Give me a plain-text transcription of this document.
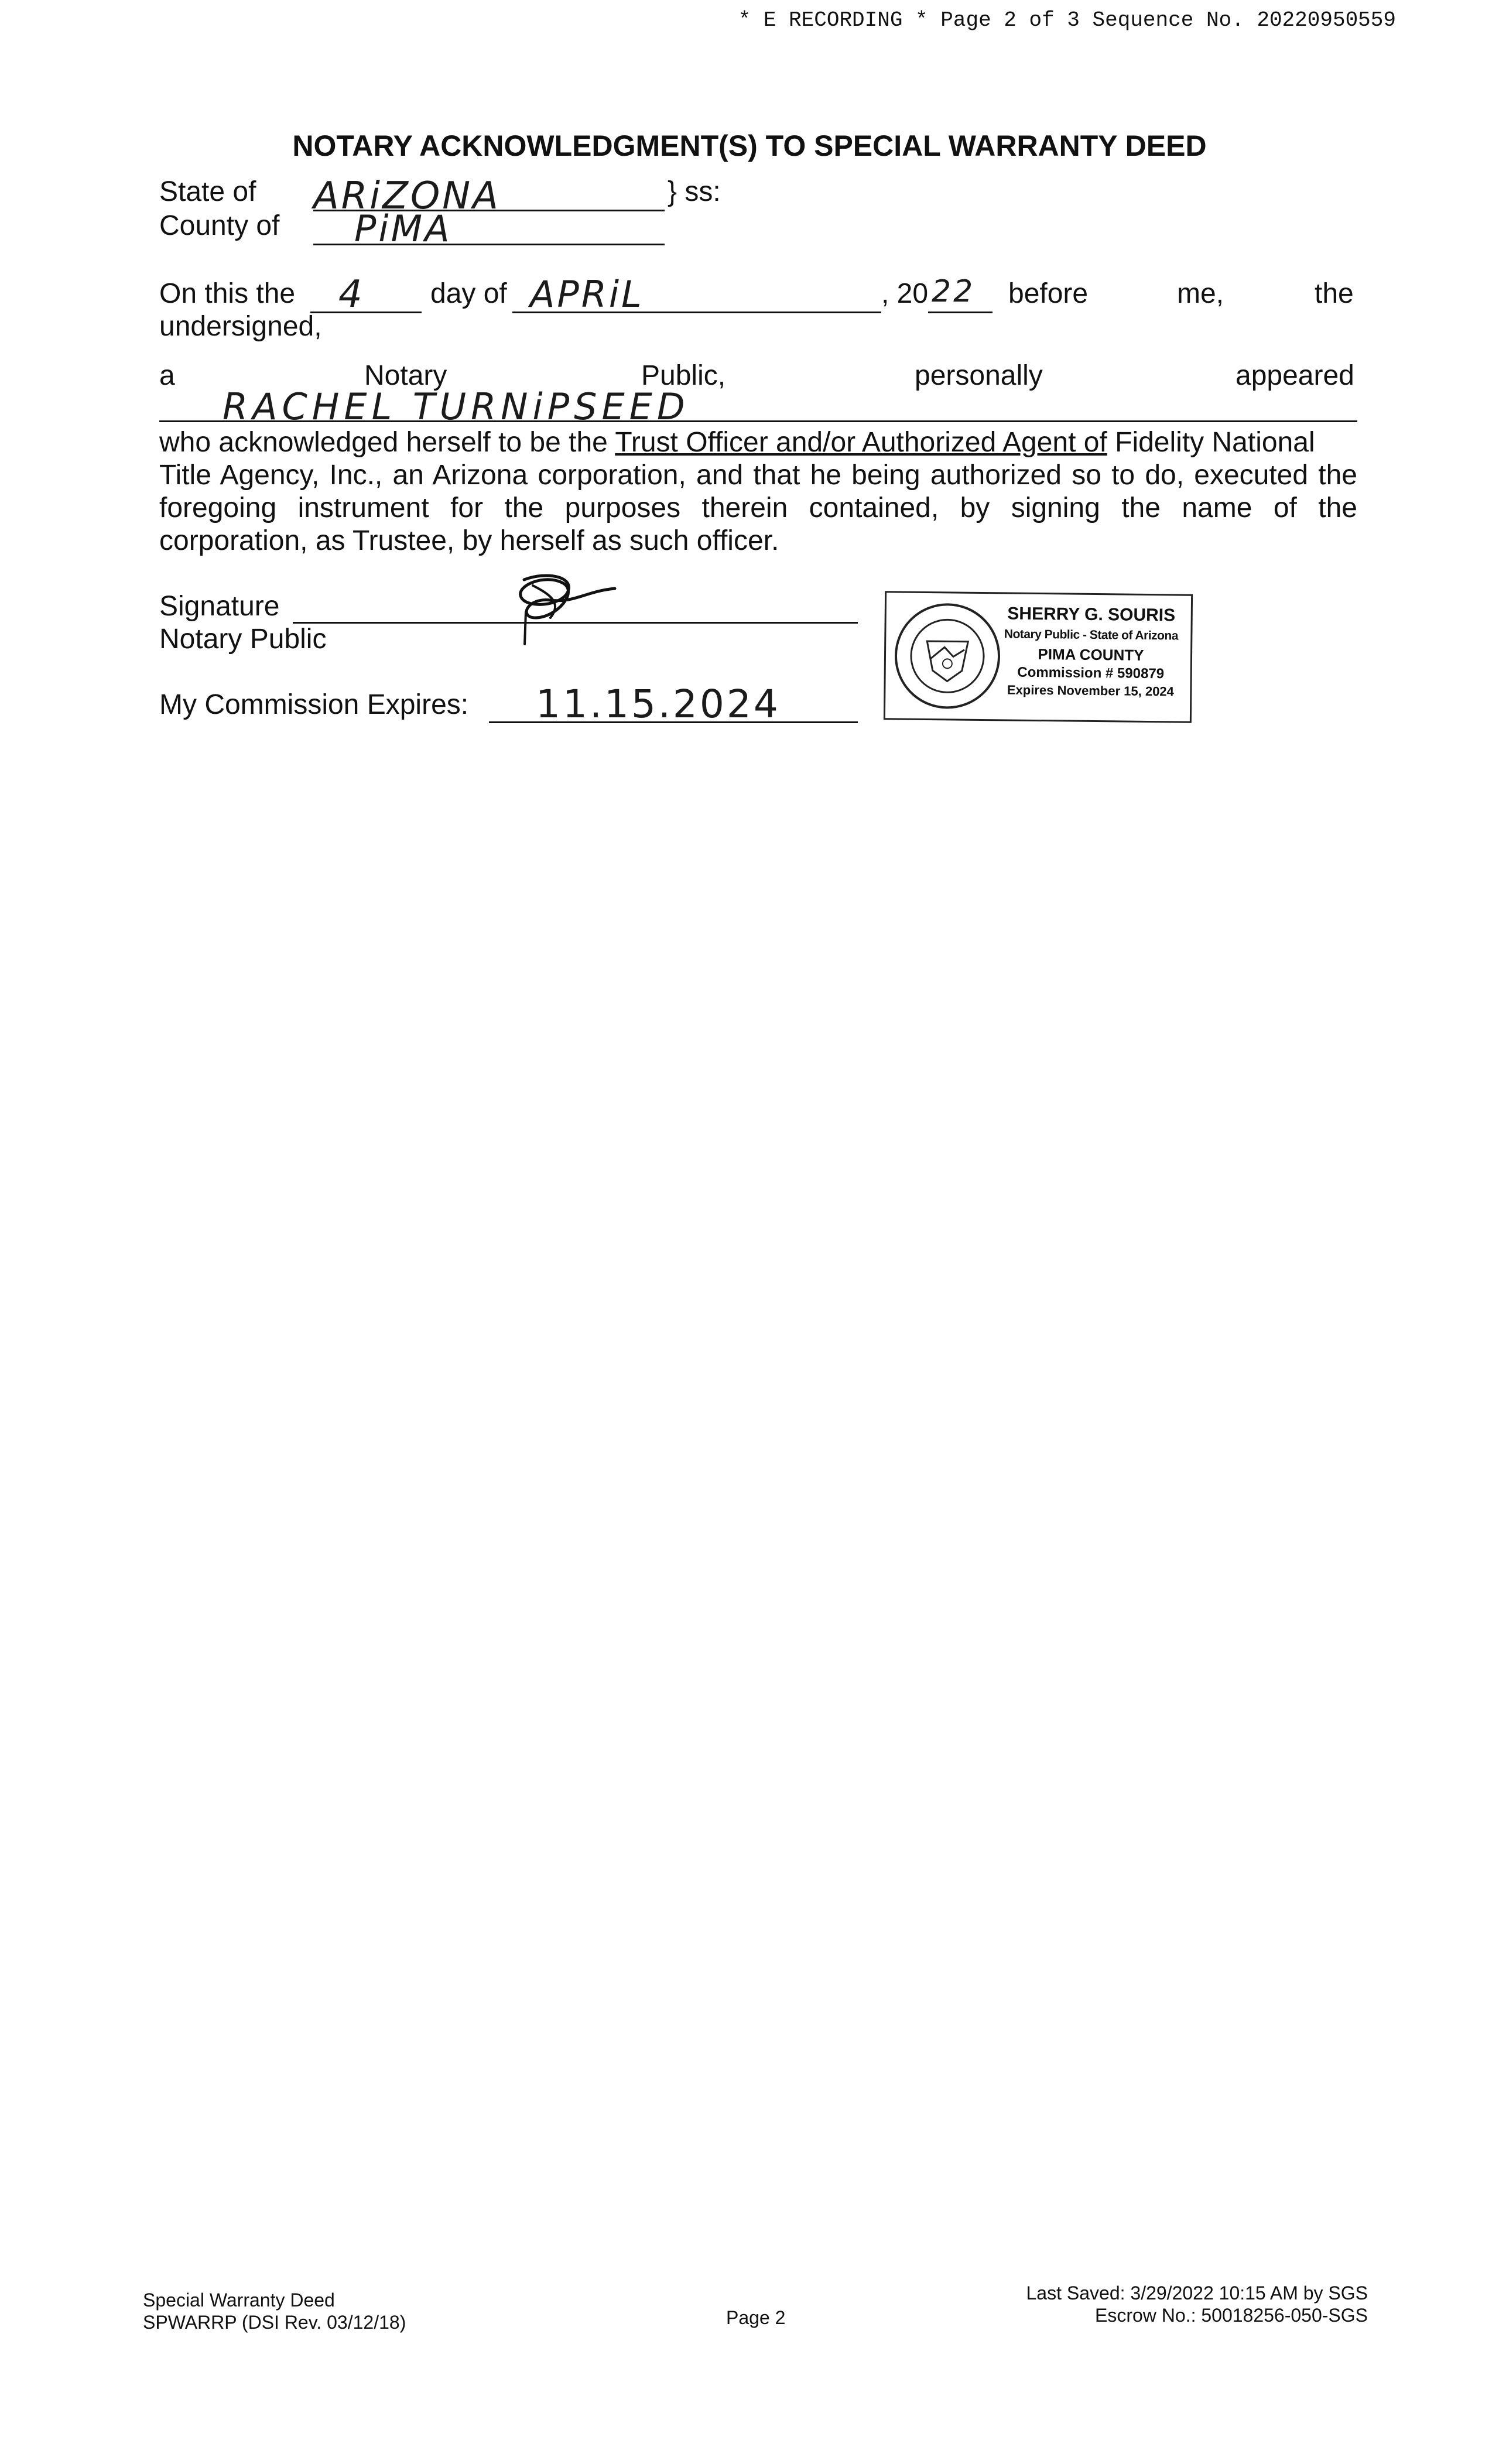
* E RECORDING * Page 2 of 3 Sequence No. 20220950559
NOTARY ACKNOWLEDGMENT(S) TO SPECIAL WARRANTY DEED
State of ARiZONA	} ss:
County of PiMA
On this the 4 day of APRiL	, 20 22 before	me,	the
undersigned,
a	Notary	Public,	personally	appeared
RACHEL TURNiPSEED
who acknowledged herself to be the Trust Officer and/or Authorized Agent of Fidelity National
Title Agency, Inc., an Arizona corporation, and that he being authorized so to do, executed the
foregoing instrument for the purposes therein contained, by signing the name of the
corporation, as Trustee, by herself as such officer.
Signature
Notary Public
My Commission Expires: 11.15.2024
SHERRY G. SOURIS
Notary Public - State of Arizona
PIMA COUNTY
Commission # 590879
Expires November 15, 2024
Special Warranty Deed
SPWARRP (DSI Rev. 03/12/18)	Page 2
Last Saved: 3/29/2022 10:15 AM by SGS
Escrow No.: 50018256-050-SGS
